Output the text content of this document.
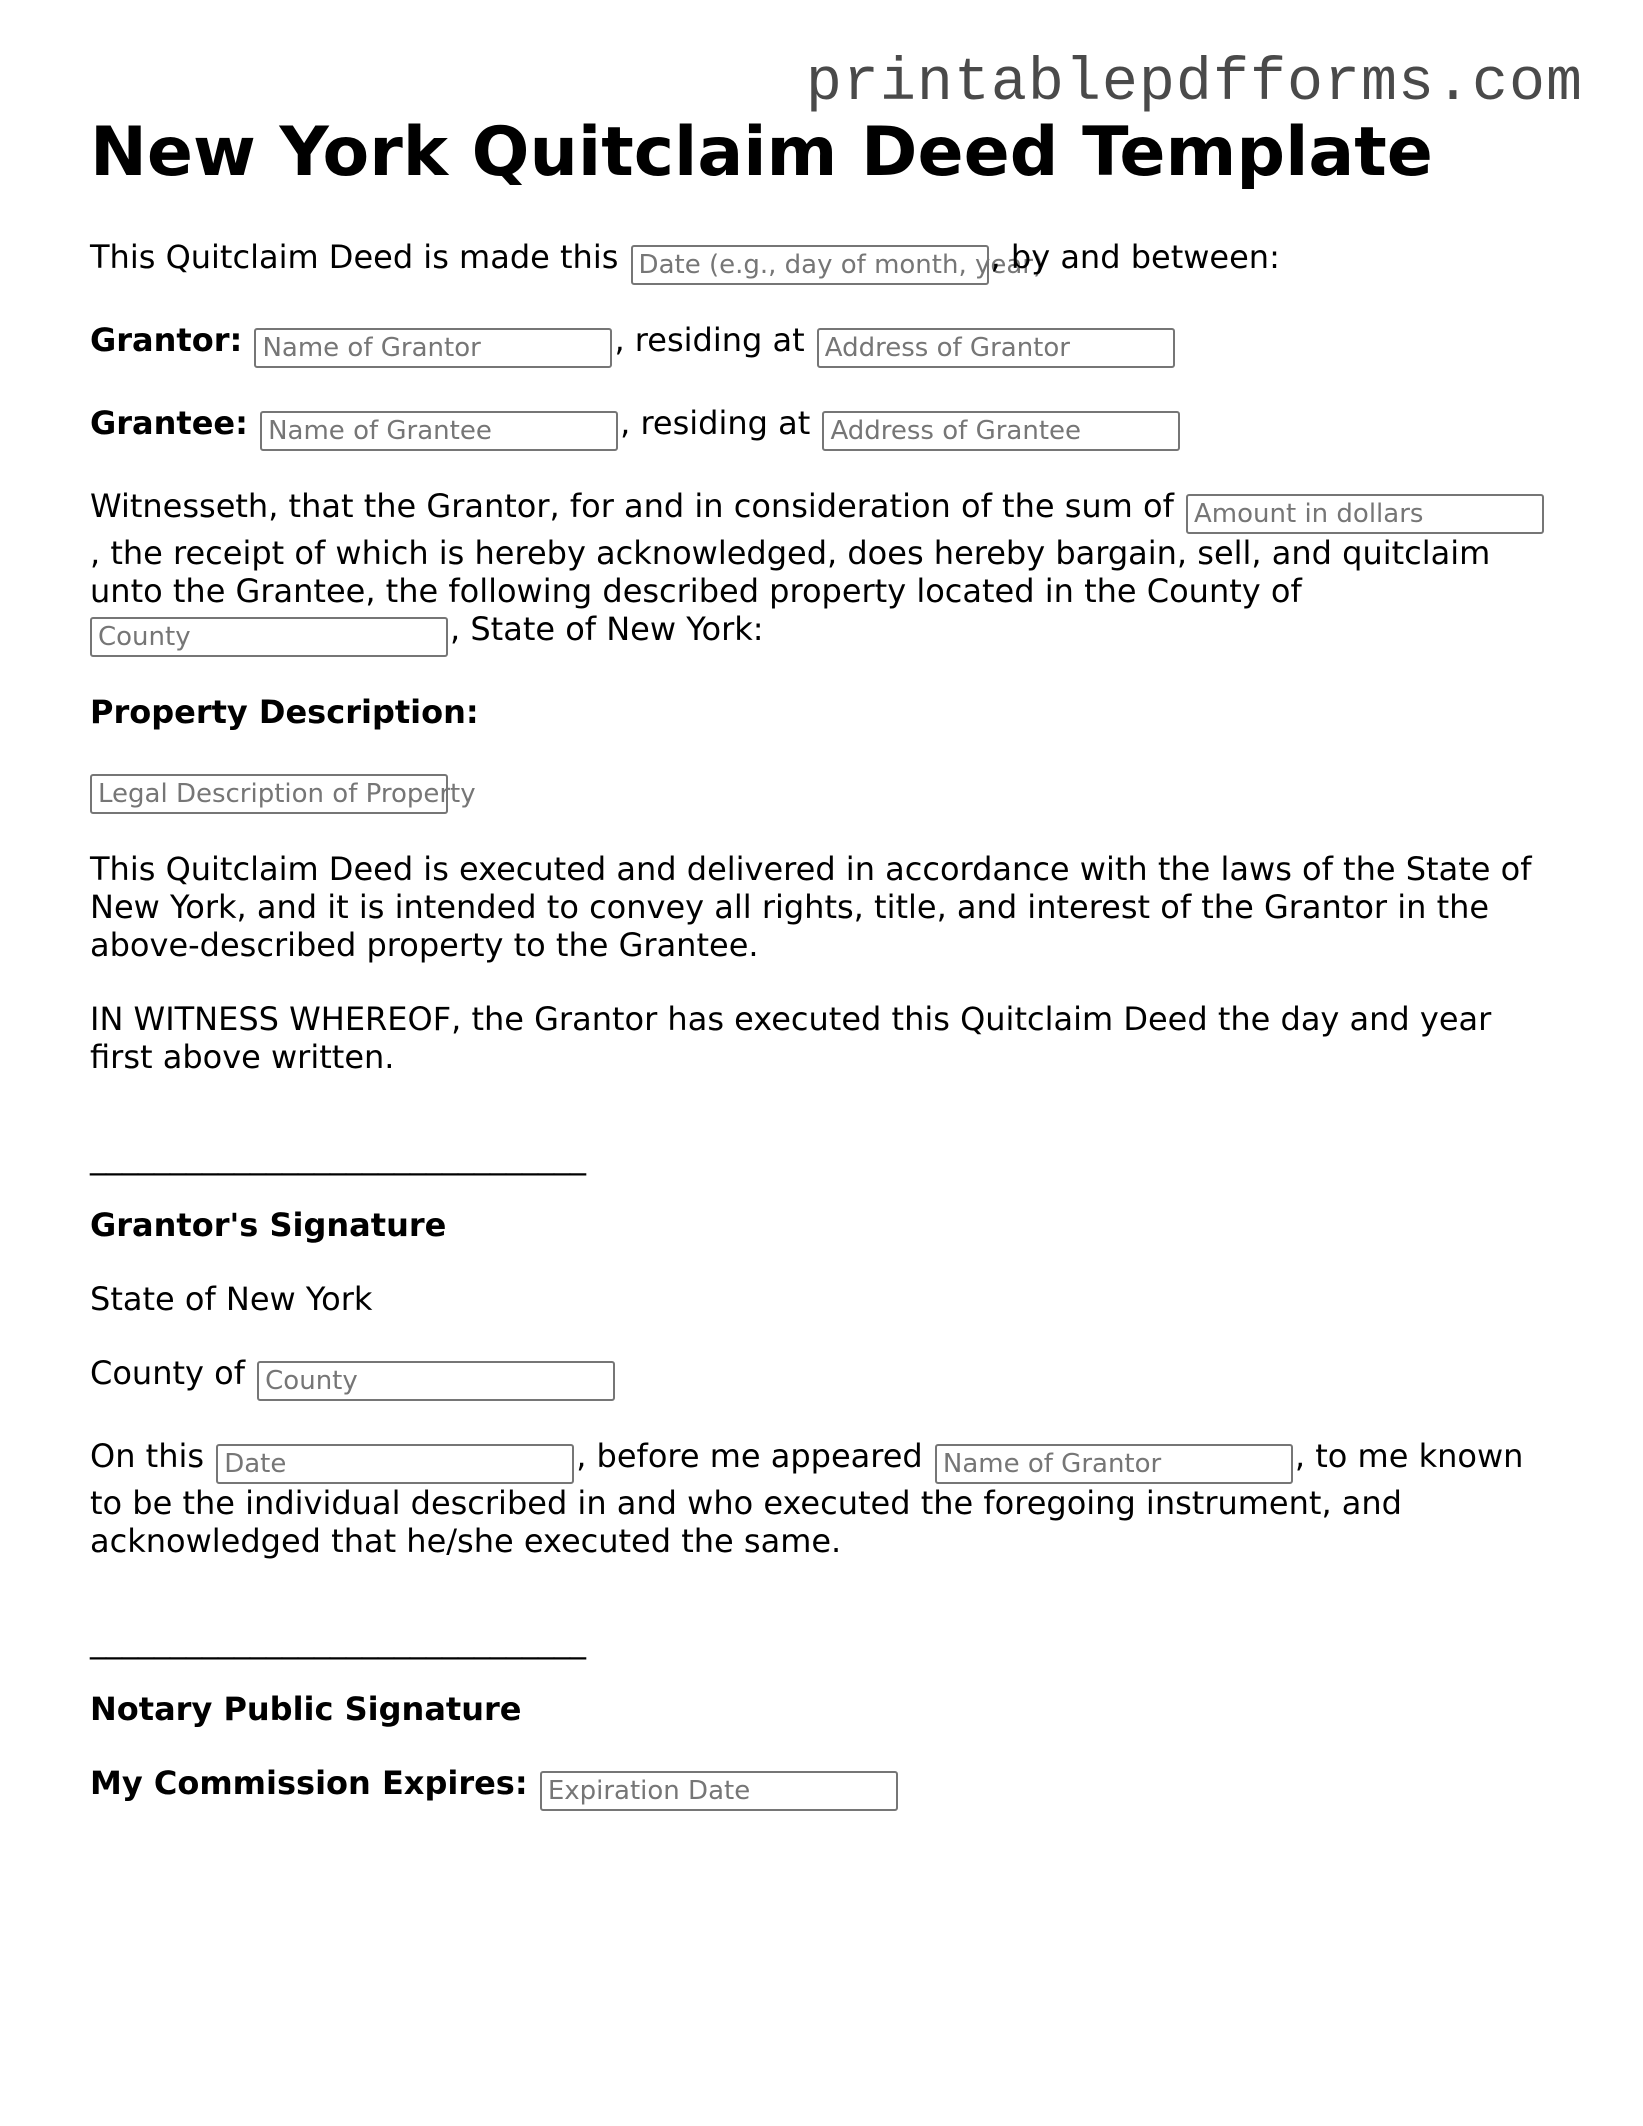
printablepdfforms.com
New York Quitclaim Deed Template

This Quitclaim Deed is made this Date (e.g., day of month, year), by and between:

Grantor: Name of Grantor	, residing at Address of Grantor

Grantee: Name of Grantee	, residing at Address of Grantee

Witnesseth, that the Grantor, for and in consideration of the sum of Amount in dollars
, the receipt of which is hereby acknowledged, does hereby bargain, sell, and quitclaim unto the Grantee, the following described property located in the County of
County	, State of New York:

Property Description:

Legal Description of Property

This Quitclaim Deed is executed and delivered in accordance with the laws of the State of New York, and it is intended to convey all rights, title, and interest of the Grantor in the above-described property to the Grantee.

IN WITNESS WHEREOF, the Grantor has executed this Quitclaim Deed the day and year first above written.

_______________________________
Grantor's Signature

State of New York

County of County

On this Date	, before me appeared Name of Grantor	, to me known to be the individual described in and who executed the foregoing instrument, and acknowledged that he/she executed the same.

_______________________________
Notary Public Signature

My Commission Expires: Expiration Date
